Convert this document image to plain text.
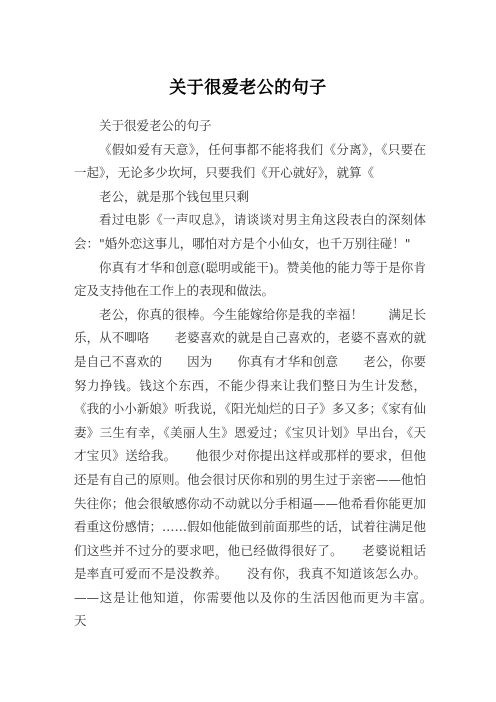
关于很爱老公的句子

关于很爱老公的句子

《假如爱有天意》，任何事都不能将我们《分离》，《只要在一起》，无论多少坎坷，只要我们《开心就好》，就算《

老公，就是那个钱包里只剩

看过电影《一声叹息》，请谈谈对男主角这段表白的深刻体会："婚外恋这事儿，哪怕对方是个小仙女，也千万别往碰！"

你真有才华和创意(聪明或能干)。赞美他的能力等于是你肯定及支持他在工作上的表现和做法。

老公，你真的很棒。今生能嫁给你是我的幸福！　　满足长乐，从不唧咯　　老婆喜欢的就是自己喜欢的，老婆不喜欢的就是自己不喜欢的　　因为　　你真有才华和创意　　老公，你要努力挣钱。钱这个东西，不能少得来让我们整日为生计发愁，《我的小小新娘》听我说，《阳光灿烂的日子》多又多；《家有仙妻》三生有幸，《美丽人生》恩爱过；《宝贝计划》早出台，《天才宝贝》送给我。　　他很少对你提出这样或那样的要求，但他还是有自己的原则。他会很讨厌你和别的男生过于亲密——他怕失往你；他会很敏感你动不动就以分手相逼——他希看你能更加看重这份感情；……假如他能做到前面那些的话，试着往满足他们这些并不过分的要求吧，他已经做得很好了。　　老婆说粗话是率直可爱而不是没教养。　　没有你，我真不知道该怎么办。——这是让他知道，你需要他以及你的生活因他而更为丰富。　　天
